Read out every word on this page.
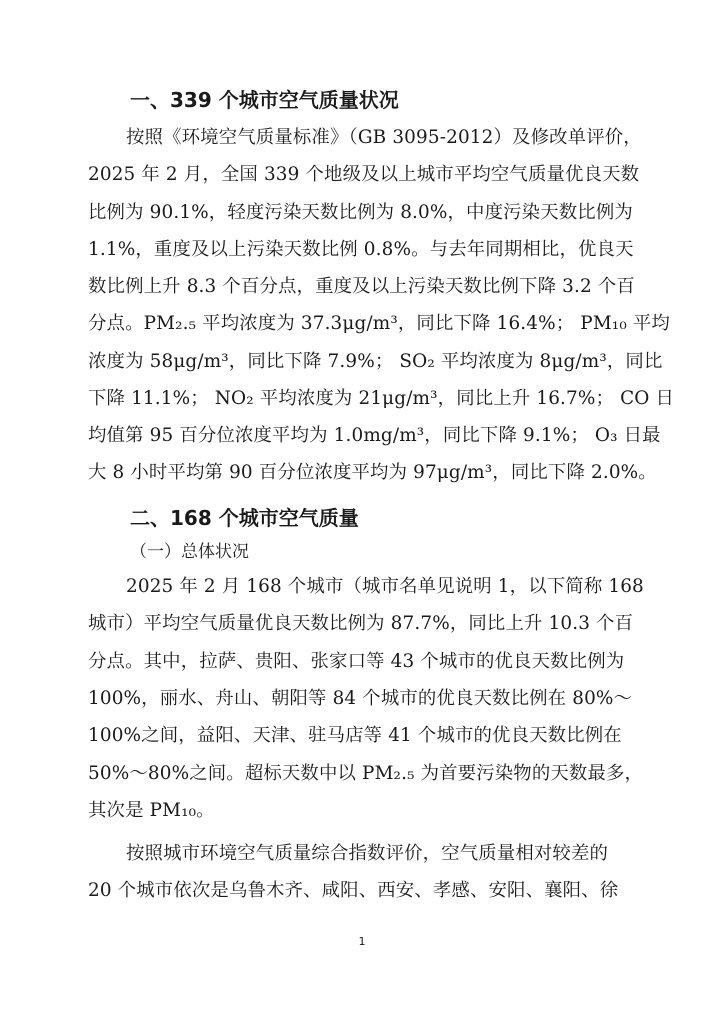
一、339 个城市空气质量状况
按照《环境空气质量标准》（GB 3095-2012）及修改单评价，
2025 年 2 月，全国 339 个地级及以上城市平均空气质量优良天数
比例为 90.1%，轻度污染天数比例为 8.0%，中度污染天数比例为
1.1%，重度及以上污染天数比例 0.8%。与去年同期相比，优良天
数比例上升 8.3 个百分点，重度及以上污染天数比例下降 3.2 个百
分点。PM₂.₅ 平均浓度为 37.3μg/m³，同比下降 16.4%； PM₁₀ 平均
浓度为 58μg/m³，同比下降 7.9%； SO₂ 平均浓度为 8μg/m³，同比
下降 11.1%； NO₂ 平均浓度为 21μg/m³，同比上升 16.7%； CO 日
均值第 95 百分位浓度平均为 1.0mg/m³，同比下降 9.1%； O₃ 日最
大 8 小时平均第 90 百分位浓度平均为 97μg/m³，同比下降 2.0%。
二、168 个城市空气质量
（一）总体状况
2025 年 2 月 168 个城市（城市名单见说明 1，以下简称 168
城市）平均空气质量优良天数比例为 87.7%，同比上升 10.3 个百
分点。其中，拉萨、贵阳、张家口等 43 个城市的优良天数比例为
100%，丽水、舟山、朝阳等 84 个城市的优良天数比例在 80%～
100%之间，益阳、天津、驻马店等 41 个城市的优良天数比例在
50%～80%之间。超标天数中以 PM₂.₅ 为首要污染物的天数最多，
其次是 PM₁₀。
按照城市环境空气质量综合指数评价，空气质量相对较差的
20 个城市依次是乌鲁木齐、咸阳、西安、孝感、安阳、襄阳、徐
1
